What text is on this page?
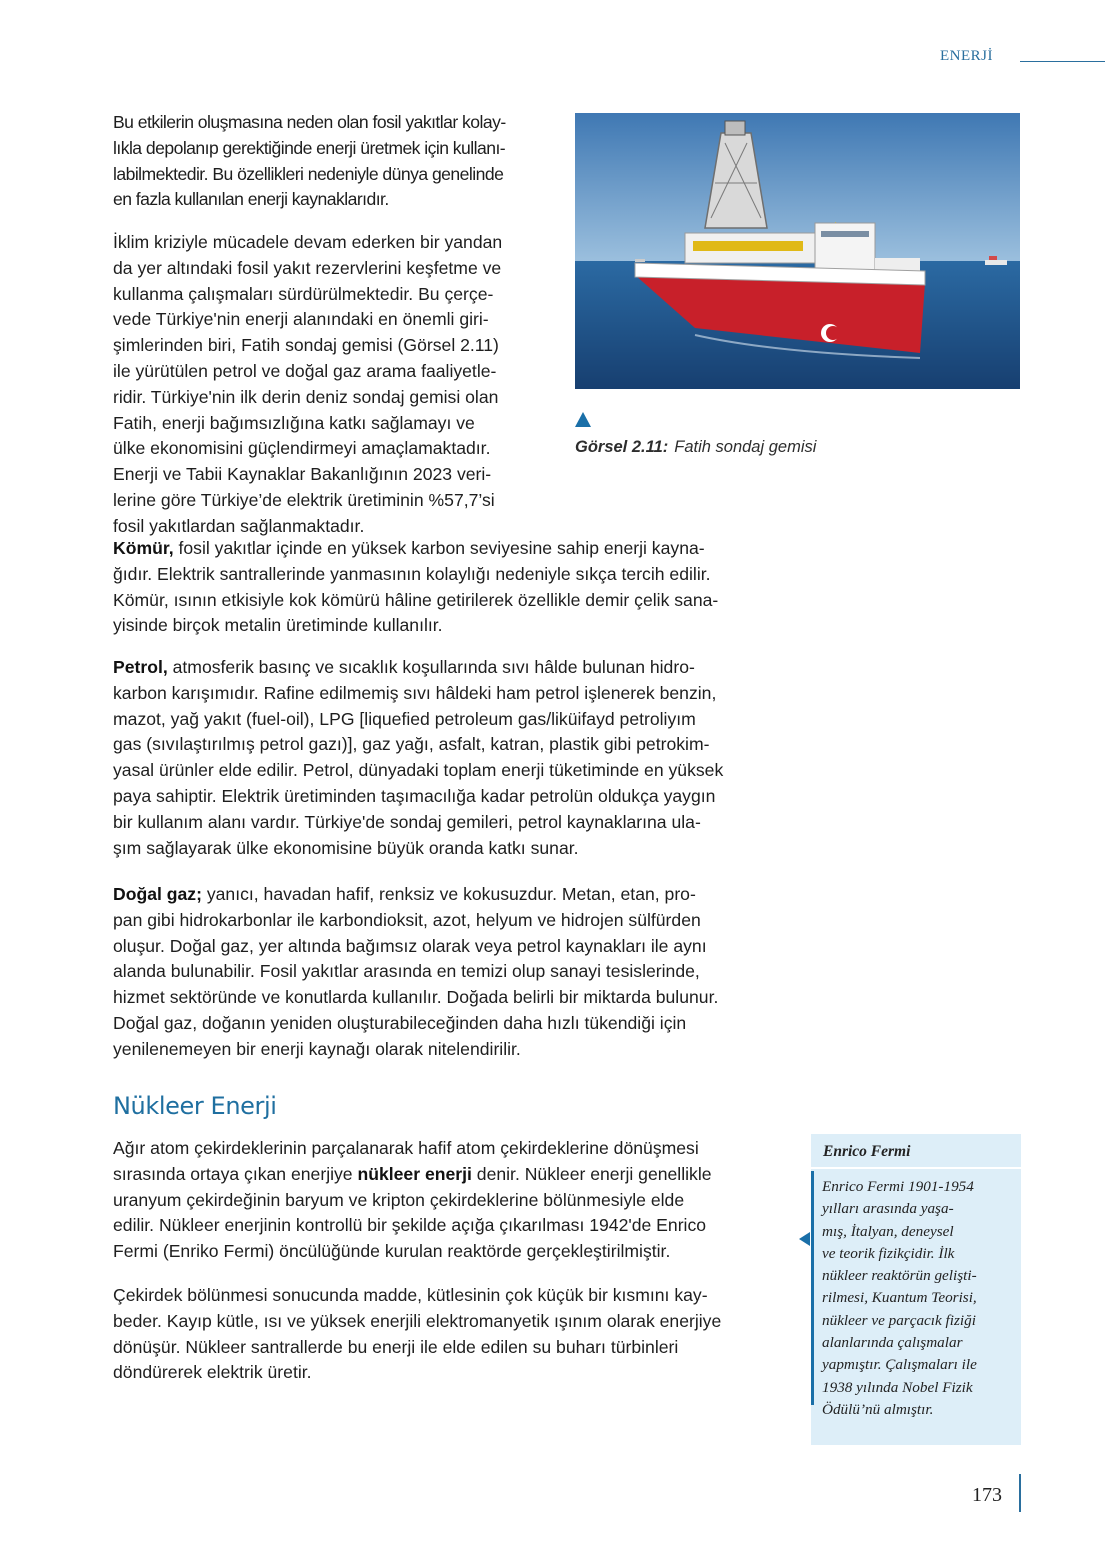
ENERJİ
Bu etkilerin oluşmasına neden olan fosil yakıtlar kolay-
lıkla depolanıp gerektiğinde enerji üretmek için kullanı-
labilmektedir. Bu özellikleri nedeniyle dünya genelinde
en fazla kullanılan enerji kaynaklarıdır.
İklim kriziyle mücadele devam ederken bir yandan
da yer altındaki fosil yakıt rezervlerini keşfetme ve
kullanma çalışmaları sürdürülmektedir. Bu çerçe-
vede Türkiye'nin enerji alanındaki en önemli giri-
şimlerinden biri, Fatih sondaj gemisi (Görsel 2.11)
ile yürütülen petrol ve doğal gaz arama faaliyetle-
ridir. Türkiye'nin ilk derin deniz sondaj gemisi olan
Fatih, enerji bağımsızlığına katkı sağlamayı ve
ülke ekonomisini güçlendirmeyi amaçlamaktadır.
Enerji ve Tabii Kaynaklar Bakanlığının 2023 veri-
lerine göre Türkiye’de elektrik üretiminin %57,7’si
fosil yakıtlardan sağlanmaktadır.
Görsel 2.11: Fatih sondaj gemisi
Kömür, fosil yakıtlar içinde en yüksek karbon seviyesine sahip enerji kayna-
ğıdır. Elektrik santrallerinde yanmasının kolaylığı nedeniyle sıkça tercih edilir.
Kömür, ısının etkisiyle kok kömürü hâline getirilerek özellikle demir çelik sana-
yisinde birçok metalin üretiminde kullanılır.
Petrol, atmosferik basınç ve sıcaklık koşullarında sıvı hâlde bulunan hidro-
karbon karışımıdır. Rafine edilmemiş sıvı hâldeki ham petrol işlenerek benzin,
mazot, yağ yakıt (fuel-oil), LPG [liquefied petroleum gas/liküifayd petroliyım
gas (sıvılaştırılmış petrol gazı)], gaz yağı, asfalt, katran, plastik gibi petrokim-
yasal ürünler elde edilir. Petrol, dünyadaki toplam enerji tüketiminde en yüksek
paya sahiptir. Elektrik üretiminden taşımacılığa kadar petrolün oldukça yaygın
bir kullanım alanı vardır. Türkiye'de sondaj gemileri, petrol kaynaklarına ula-
şım sağlayarak ülke ekonomisine büyük oranda katkı sunar.
Doğal gaz; yanıcı, havadan hafif, renksiz ve kokusuzdur. Metan, etan, pro-
pan gibi hidrokarbonlar ile karbondioksit, azot, helyum ve hidrojen sülfürden
oluşur. Doğal gaz, yer altında bağımsız olarak veya petrol kaynakları ile aynı
alanda bulunabilir. Fosil yakıtlar arasında en temizi olup sanayi tesislerinde,
hizmet sektöründe ve konutlarda kullanılır. Doğada belirli bir miktarda bulunur.
Doğal gaz, doğanın yeniden oluşturabileceğinden daha hızlı tükendiği için
yenilenemeyen bir enerji kaynağı olarak nitelendirilir.
Nükleer Enerji
Ağır atom çekirdeklerinin parçalanarak hafif atom çekirdeklerine dönüşmesi
sırasında ortaya çıkan enerjiye nükleer enerji denir. Nükleer enerji genellikle
uranyum çekirdeğinin baryum ve kripton çekirdeklerine bölünmesiyle elde
edilir. Nükleer enerjinin kontrollü bir şekilde açığa çıkarılması 1942'de Enrico
Fermi (Enriko Fermi) öncülüğünde kurulan reaktörde gerçekleştirilmiştir.
Çekirdek bölünmesi sonucunda madde, kütlesinin çok küçük bir kısmını kay-
beder. Kayıp kütle, ısı ve yüksek enerjili elektromanyetik ışınım olarak enerjiye
dönüşür. Nükleer santrallerde bu enerji ile elde edilen su buharı türbinleri
döndürerek elektrik üretir.
Enrico Fermi
Enrico Fermi 1901-1954
yılları arasında yaşa-
mış, İtalyan, deneysel
ve teorik fizikçidir. İlk
nükleer reaktörün gelişti-
rilmesi, Kuantum Teorisi,
nükleer ve parçacık fiziği
alanlarında çalışmalar
yapmıştır. Çalışmaları ile
1938 yılında Nobel Fizik
Ödülü’nü almıştır.
173
